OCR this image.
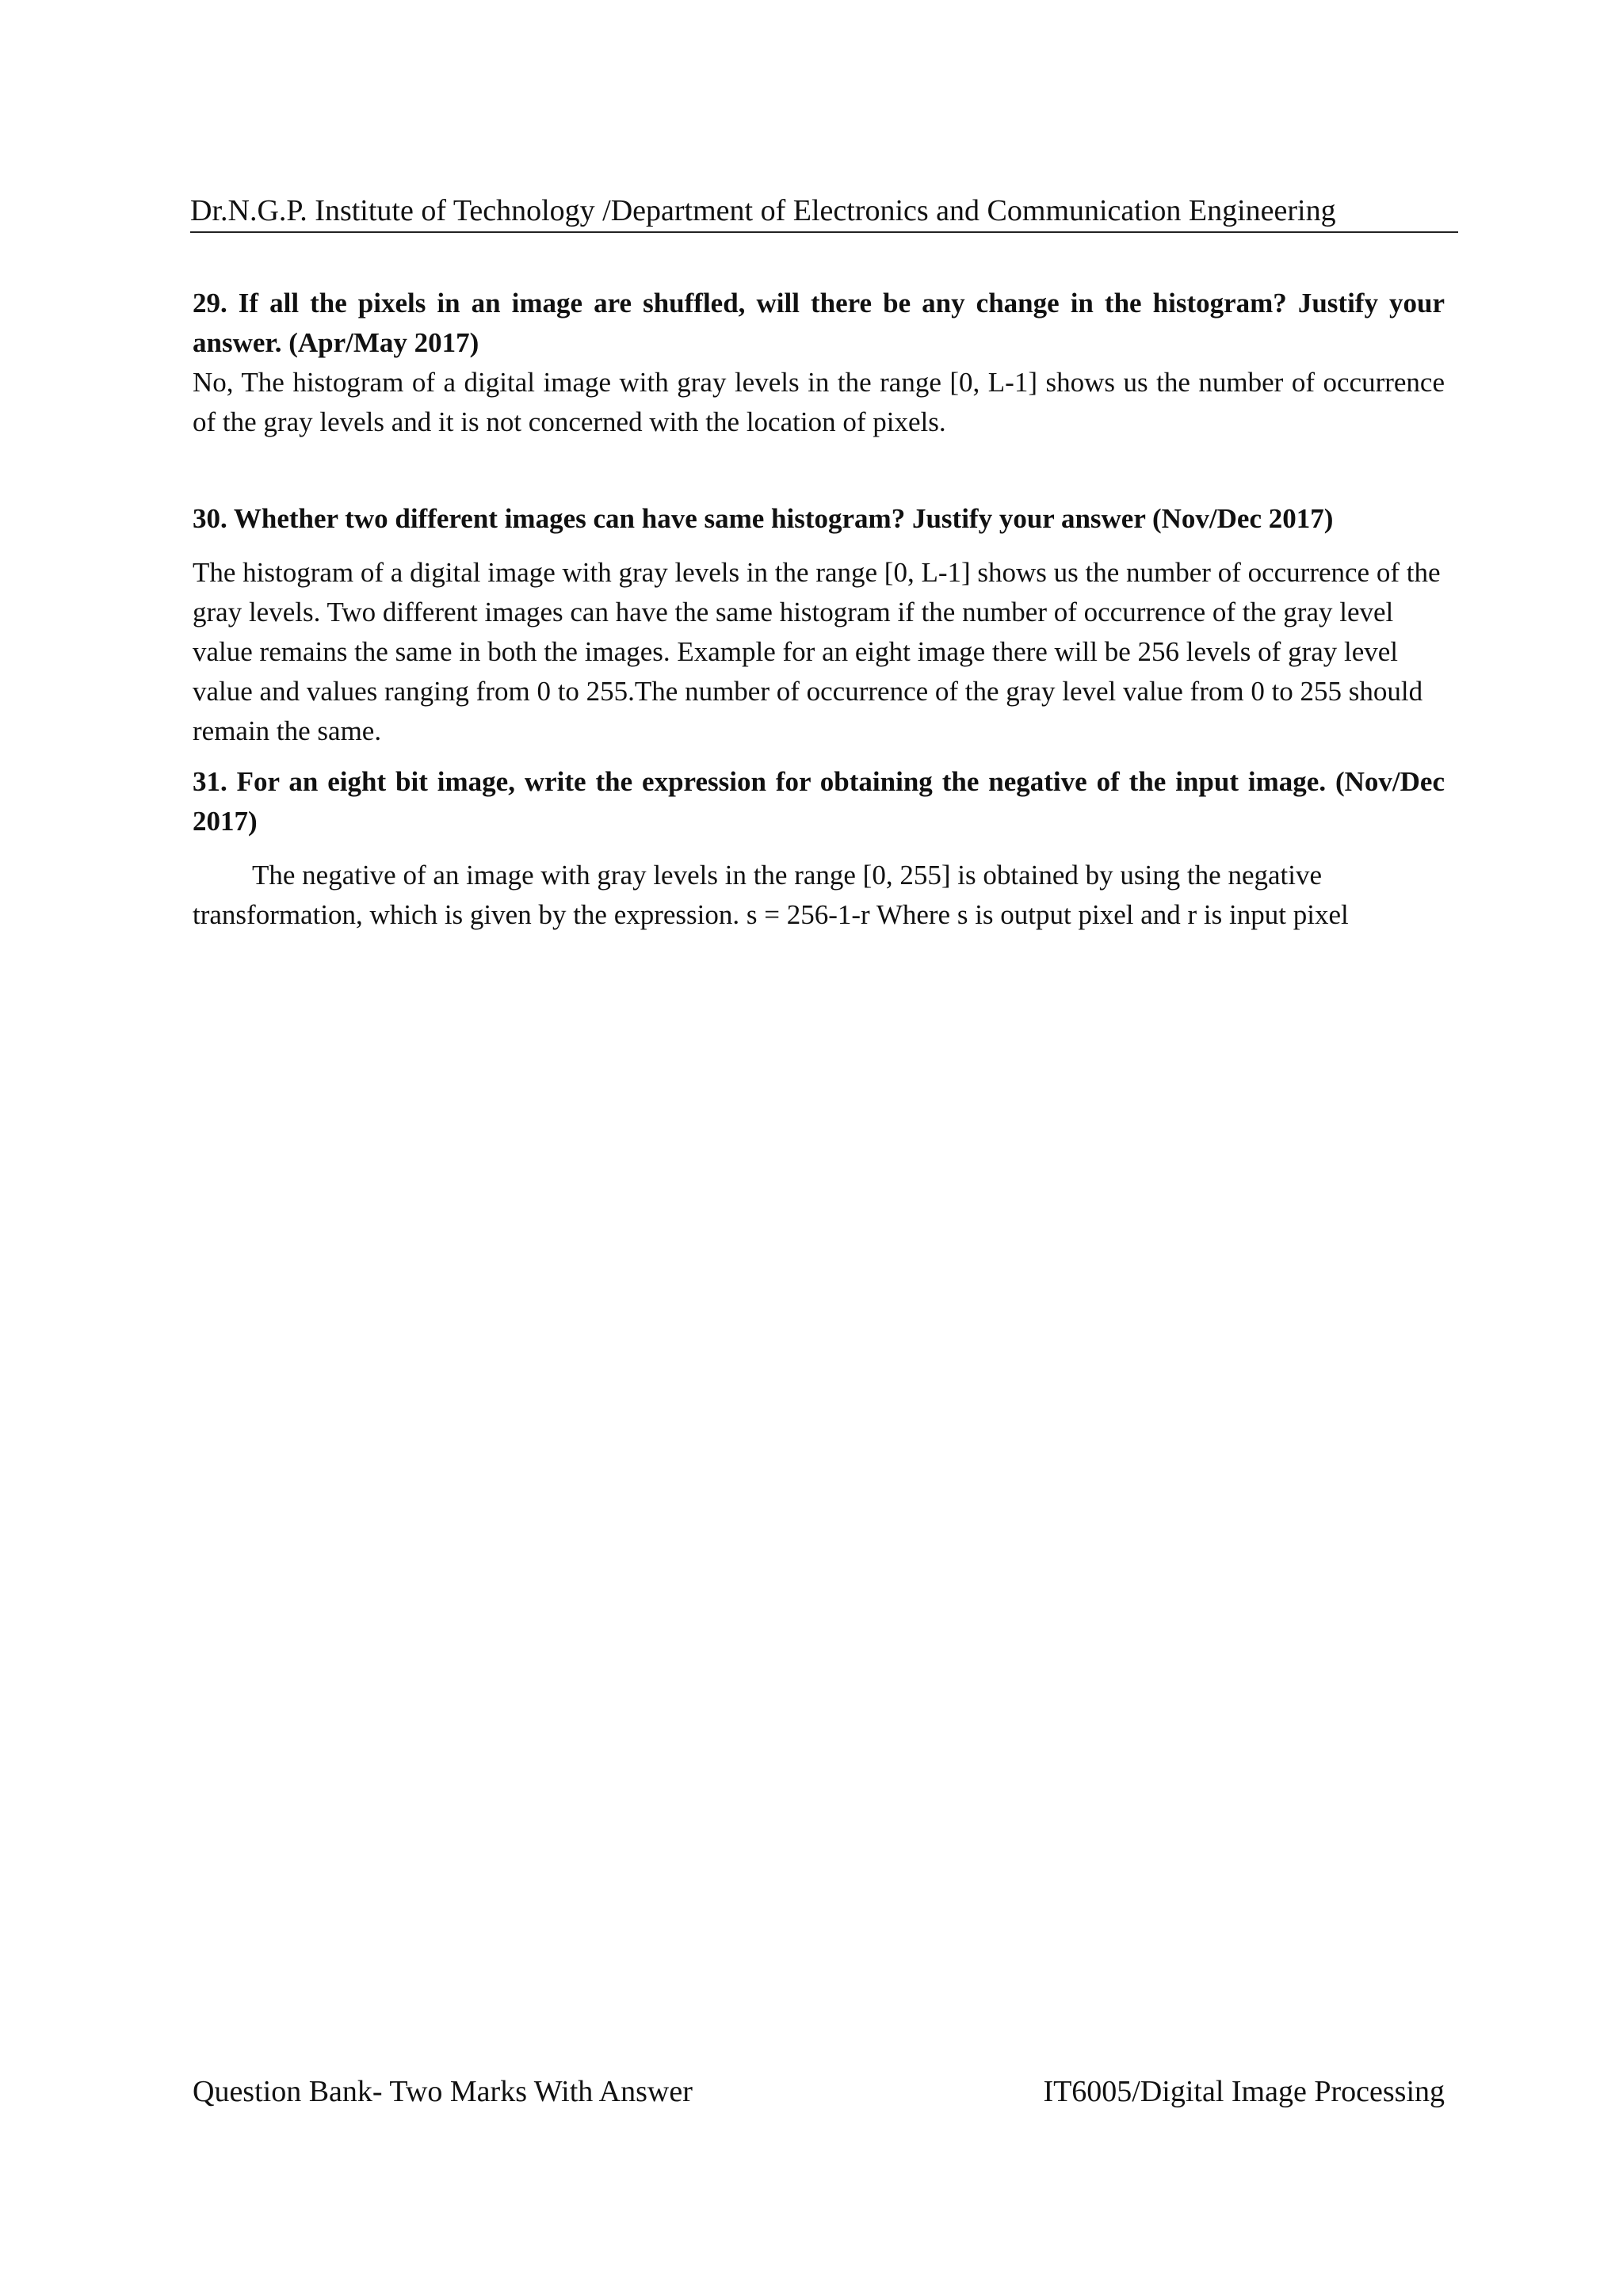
Dr.N.G.P. Institute of Technology /Department of Electronics and Communication Engineering

29. If all the pixels in an image are shuffled, will there be any change in the histogram? Justify your answer. (Apr/May 2017)

No, The histogram of a digital image with gray levels in the range [0, L-1] shows us the number of occurrence of the gray levels and it is not concerned with the location of pixels.

30. Whether two different images can have same histogram? Justify your answer (Nov/Dec 2017)

The histogram of a digital image with gray levels in the range [0, L-1] shows us the number of occurrence of the gray levels. Two different images can have the same histogram if the number of occurrence of the gray level value remains the same in both the images. Example for an eight image there will be 256 levels of gray level value and values ranging from 0 to 255.The number of occurrence of the gray level value from 0 to 255 should remain the same.

31. For an eight bit image, write the expression for obtaining the negative of the input image. (Nov/Dec 2017)

The negative of an image with gray levels in the range [0, 255] is obtained by using the negative transformation, which is given by the expression. s = 256-1-r Where s is output pixel and r is input pixel

Question Bank- Two Marks With Answer	IT6005/Digital Image Processing
